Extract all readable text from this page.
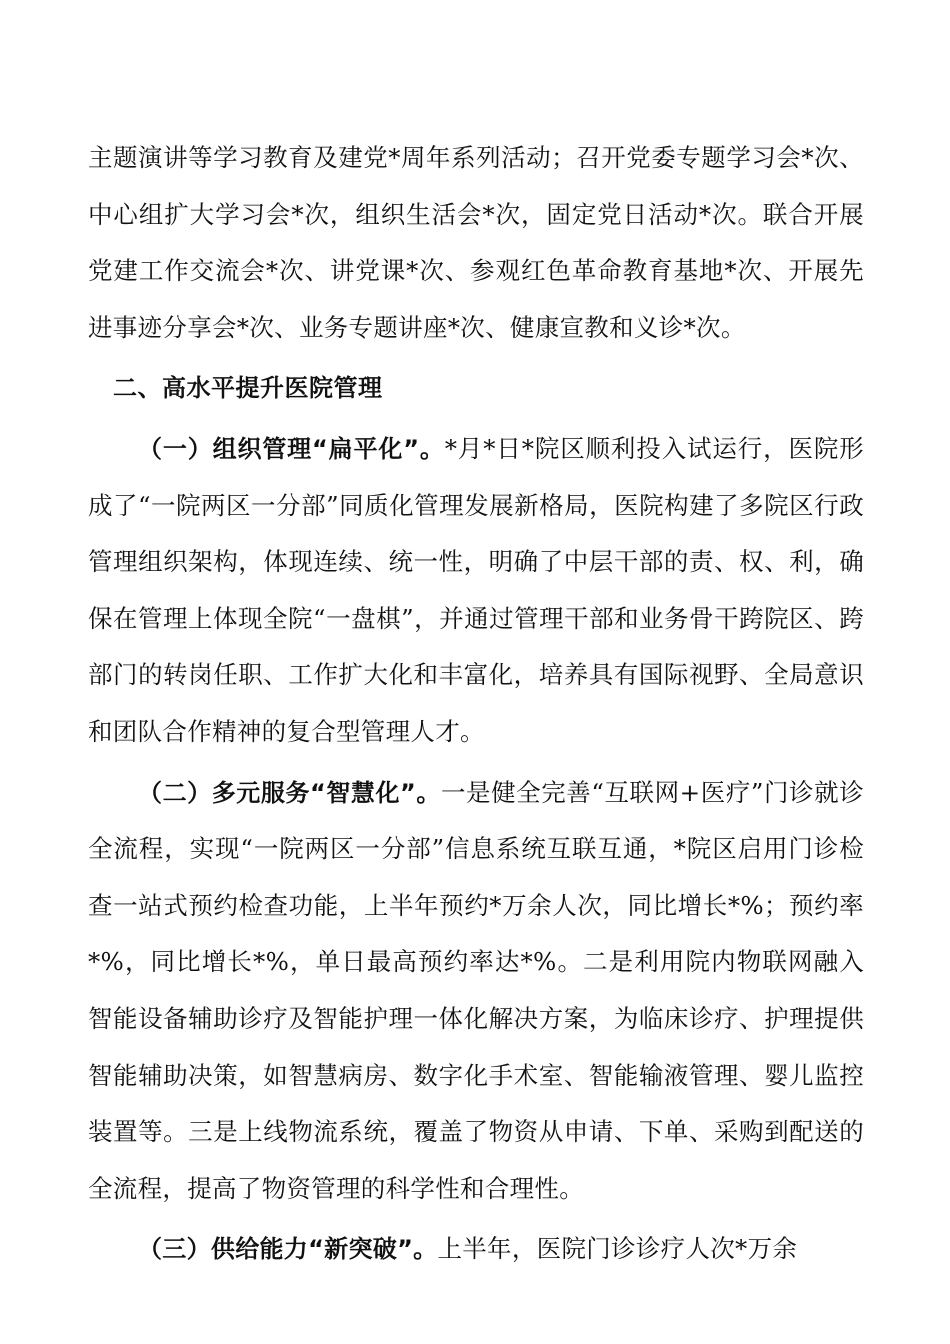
主题演讲等学习教育及建党*周年系列活动；召开党委专题学习会*次、中心组扩大学习会*次，组织生活会*次，固定党日活动*次。联合开展党建工作交流会*次、讲党课*次、参观红色革命教育基地*次、开展先进事迹分享会*次、业务专题讲座*次、健康宣教和义诊*次。

二、高水平提升医院管理

（一）组织管理“扁平化”。*月*日*院区顺利投入试运行，医院形成了“一院两区一分部”同质化管理发展新格局，医院构建了多院区行政管理组织架构，体现连续、统一性，明确了中层干部的责、权、利，确保在管理上体现全院“一盘棋”，并通过管理干部和业务骨干跨院区、跨部门的转岗任职、工作扩大化和丰富化，培养具有国际视野、全局意识和团队合作精神的复合型管理人才。

（二）多元服务“智慧化”。一是健全完善“互联网+医疗”门诊就诊全流程，实现“一院两区一分部”信息系统互联互通，*院区启用门诊检查一站式预约检查功能，上半年预约*万余人次，同比增长*%；预约率*%，同比增长*%，单日最高预约率达*%。二是利用院内物联网融入智能设备辅助诊疗及智能护理一体化解决方案，为临床诊疗、护理提供智能辅助决策，如智慧病房、数字化手术室、智能输液管理、婴儿监控装置等。三是上线物流系统，覆盖了物资从申请、下单、采购到配送的全流程，提高了物资管理的科学性和合理性。

（三）供给能力“新突破”。上半年，医院门诊诊疗人次*万余
